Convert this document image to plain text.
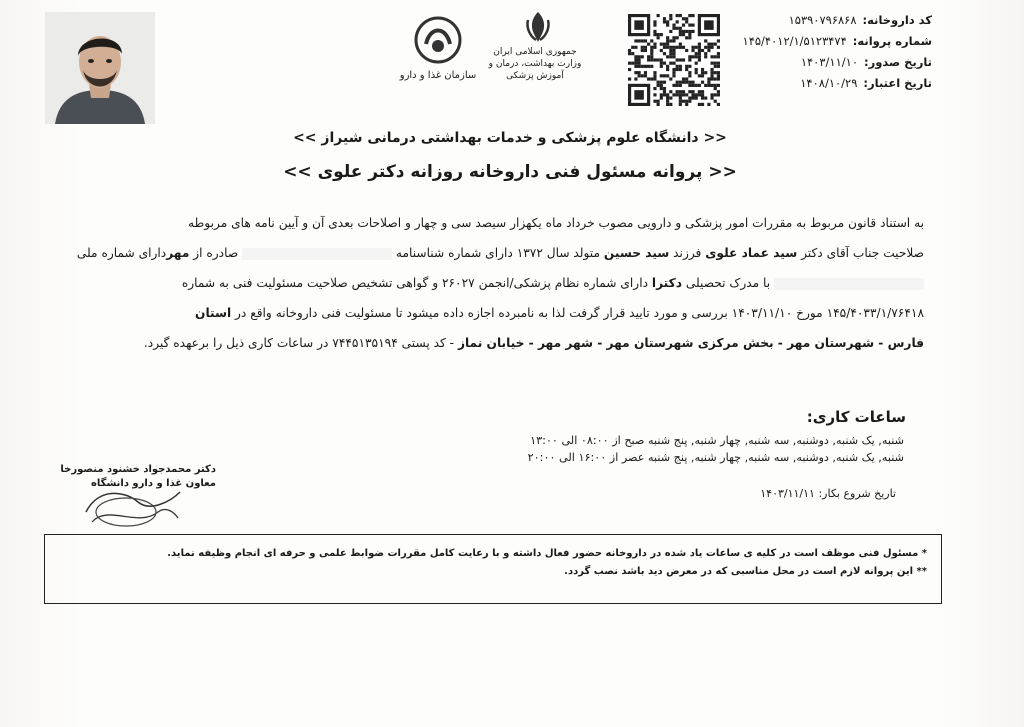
سازمان غذا و دارو
جمهوری اسلامی ایران
وزارت بهداشت، درمان و آموزش پزشکی
کد داروخانه:۱۵۳۹۰۷۹۶۸۶۸
شماره پروانه:۱۴۵/۴۰۱۲/۱/۵۱۲۳۴۷۴
تاریخ صدور:۱۴۰۳/۱۱/۱۰
تاریخ اعتبار:۱۴۰۸/۱۰/۲۹
<< دانشگاه علوم پزشکی و خدمات بهداشتی درمانی شیراز >>
<< پروانه مسئول فنی داروخانه روزانه دکتر علوی >>
به استناد قانون مربوط به مقررات امور پزشکی و دارویی مصوب خرداد ماه یکهزار سیصد سی و چهار و اصلاحات بعدی آن و آیین نامه های مربوطه
صلاحیت جناب آقای دکتر سید عماد علوی فرزند سید حسین متولد سال ۱۳۷۲ دارای شماره شناسنامه  صادره از مهردارای شماره ملی
با مدرک تحصیلی دکترا دارای شماره نظام پزشکی/انجمن ۲۶۰۲۷ و گواهی تشخیص صلاحیت مسئولیت فنی به شماره
۱۴۵/۴۰۳۳/۱/۷۶۴۱۸ مورخ ۱۴۰۳/۱۱/۱۰ بررسی و مورد تایید قرار گرفت لذا به نامبرده اجازه داده میشود تا مسئولیت فنی داروخانه واقع در استان
فارس - شهرستان مهر - بخش مرکزی شهرستان مهر - شهر مهر - خیابان نماز - کد پستی ۷۴۴۵۱۳۵۱۹۴ در ساعات کاری ذیل را برعهده گیرد.
ساعات کاری:
شنبه, یک شنبه, دوشنبه, سه شنبه, چهار شنبه, پنج شنبه صبح از ۰۸:۰۰ الی ۱۳:۰۰
شنبه, یک شنبه, دوشنبه, سه شنبه, چهار شنبه, پنج شنبه عصر از ۱۶:۰۰ الی ۲۰:۰۰
تاریخ شروع بکار: ۱۴۰۳/۱۱/۱۱
دکتر محمدجواد خشنود منصورخا
معاون غذا و دارو دانشگاه
* مسئول فنی موظف است در کلیه ی ساعات یاد شده در داروخانه حضور فعال داشته و با رعایت کامل مقررات ضوابط علمی و حرفه ای انجام وظیفه نماید.
** این پروانه لازم است در محل مناسبی که در معرض دید باشد نصب گردد.
